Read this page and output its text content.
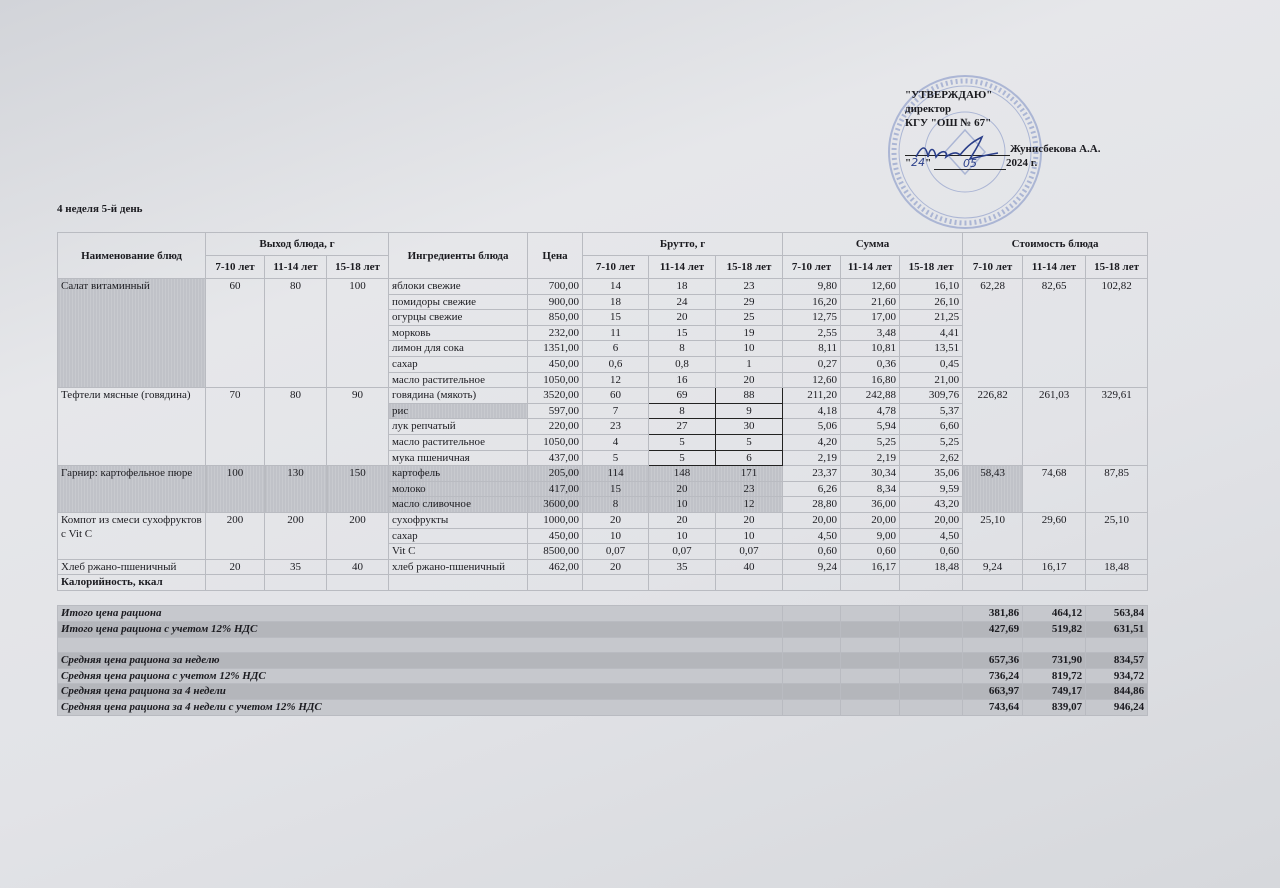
"УТВЕРЖДАЮ"
директор
КГУ "ОШ № 67"
Жунисбекова А.А.
"24"	05	2024 г.
4 неделя 5-й день
Наименование блюд	Выход блюда, г			Ингредиенты блюда	Цена	Брутто, г			Сумма			Стоимость блюда		
	7-10 лет	11-14 лет	15-18 лет			7-10 лет	11-14 лет	15-18 лет	7-10 лет	11-14 лет	15-18 лет	7-10 лет	11-14 лет	15-18 лет
Салат витаминный	60	80	100	яблоки свежие	700,00	14	18	23	9,80	12,60	16,10	62,28	82,65	102,82
				помидоры свежие	900,00	18	24	29	16,20	21,60	26,10			
				огурцы свежие	850,00	15	20	25	12,75	17,00	21,25			
				морковь	232,00	11	15	19	2,55	3,48	4,41			
				лимон для сока	1351,00	6	8	10	8,11	10,81	13,51			
				сахар	450,00	0,6	0,8	1	0,27	0,36	0,45			
				масло растительное	1050,00	12	16	20	12,60	16,80	21,00			
Тефтели мясные (говядина)	70	80	90	говядина (мякоть)	3520,00	60	69	88	211,20	242,88	309,76	226,82	261,03	329,61
				рис	597,00	7	8	9	4,18	4,78	5,37			
				лук репчатый	220,00	23	27	30	5,06	5,94	6,60			
				масло растительное	1050,00	4	5	5	4,20	5,25	5,25			
				мука пшеничная	437,00	5	5	6	2,19	2,19	2,62			
Гарнир: картофельное пюре	100	130	150	картофель	205,00	114	148	171	23,37	30,34	35,06	58,43	74,68	87,85
				молоко	417,00	15	20	23	6,26	8,34	9,59			
				масло сливочное	3600,00	8	10	12	28,80	36,00	43,20			
Компот из смеси сухофруктов с Vit C	200	200	200	сухофрукты	1000,00	20	20	20	20,00	20,00	20,00	25,10	29,60	25,10
				сахар	450,00	10	10	10	4,50	9,00	4,50			
				Vit C	8500,00	0,07	0,07	0,07	0,60	0,60	0,60			
Хлеб ржано-пшеничный	20	35	40	хлеб ржано-пшеничный	462,00	20	35	40	9,24	16,17	18,48	9,24	16,17	18,48
Калорийность, ккал														

Итого цена рациона												381,86	464,12	563,84
Итого цена рациона с учетом 12% НДС												427,69	519,82	631,51

Средняя цена рациона за неделю												657,36	731,90	834,57
Средняя цена рациона с учетом 12% НДС												736,24	819,72	934,72
Средняя цена рациона за 4 недели												663,97	749,17	844,86
Средняя цена рациона за 4 недели с учетом 12% НДС												743,64	839,07	946,24
